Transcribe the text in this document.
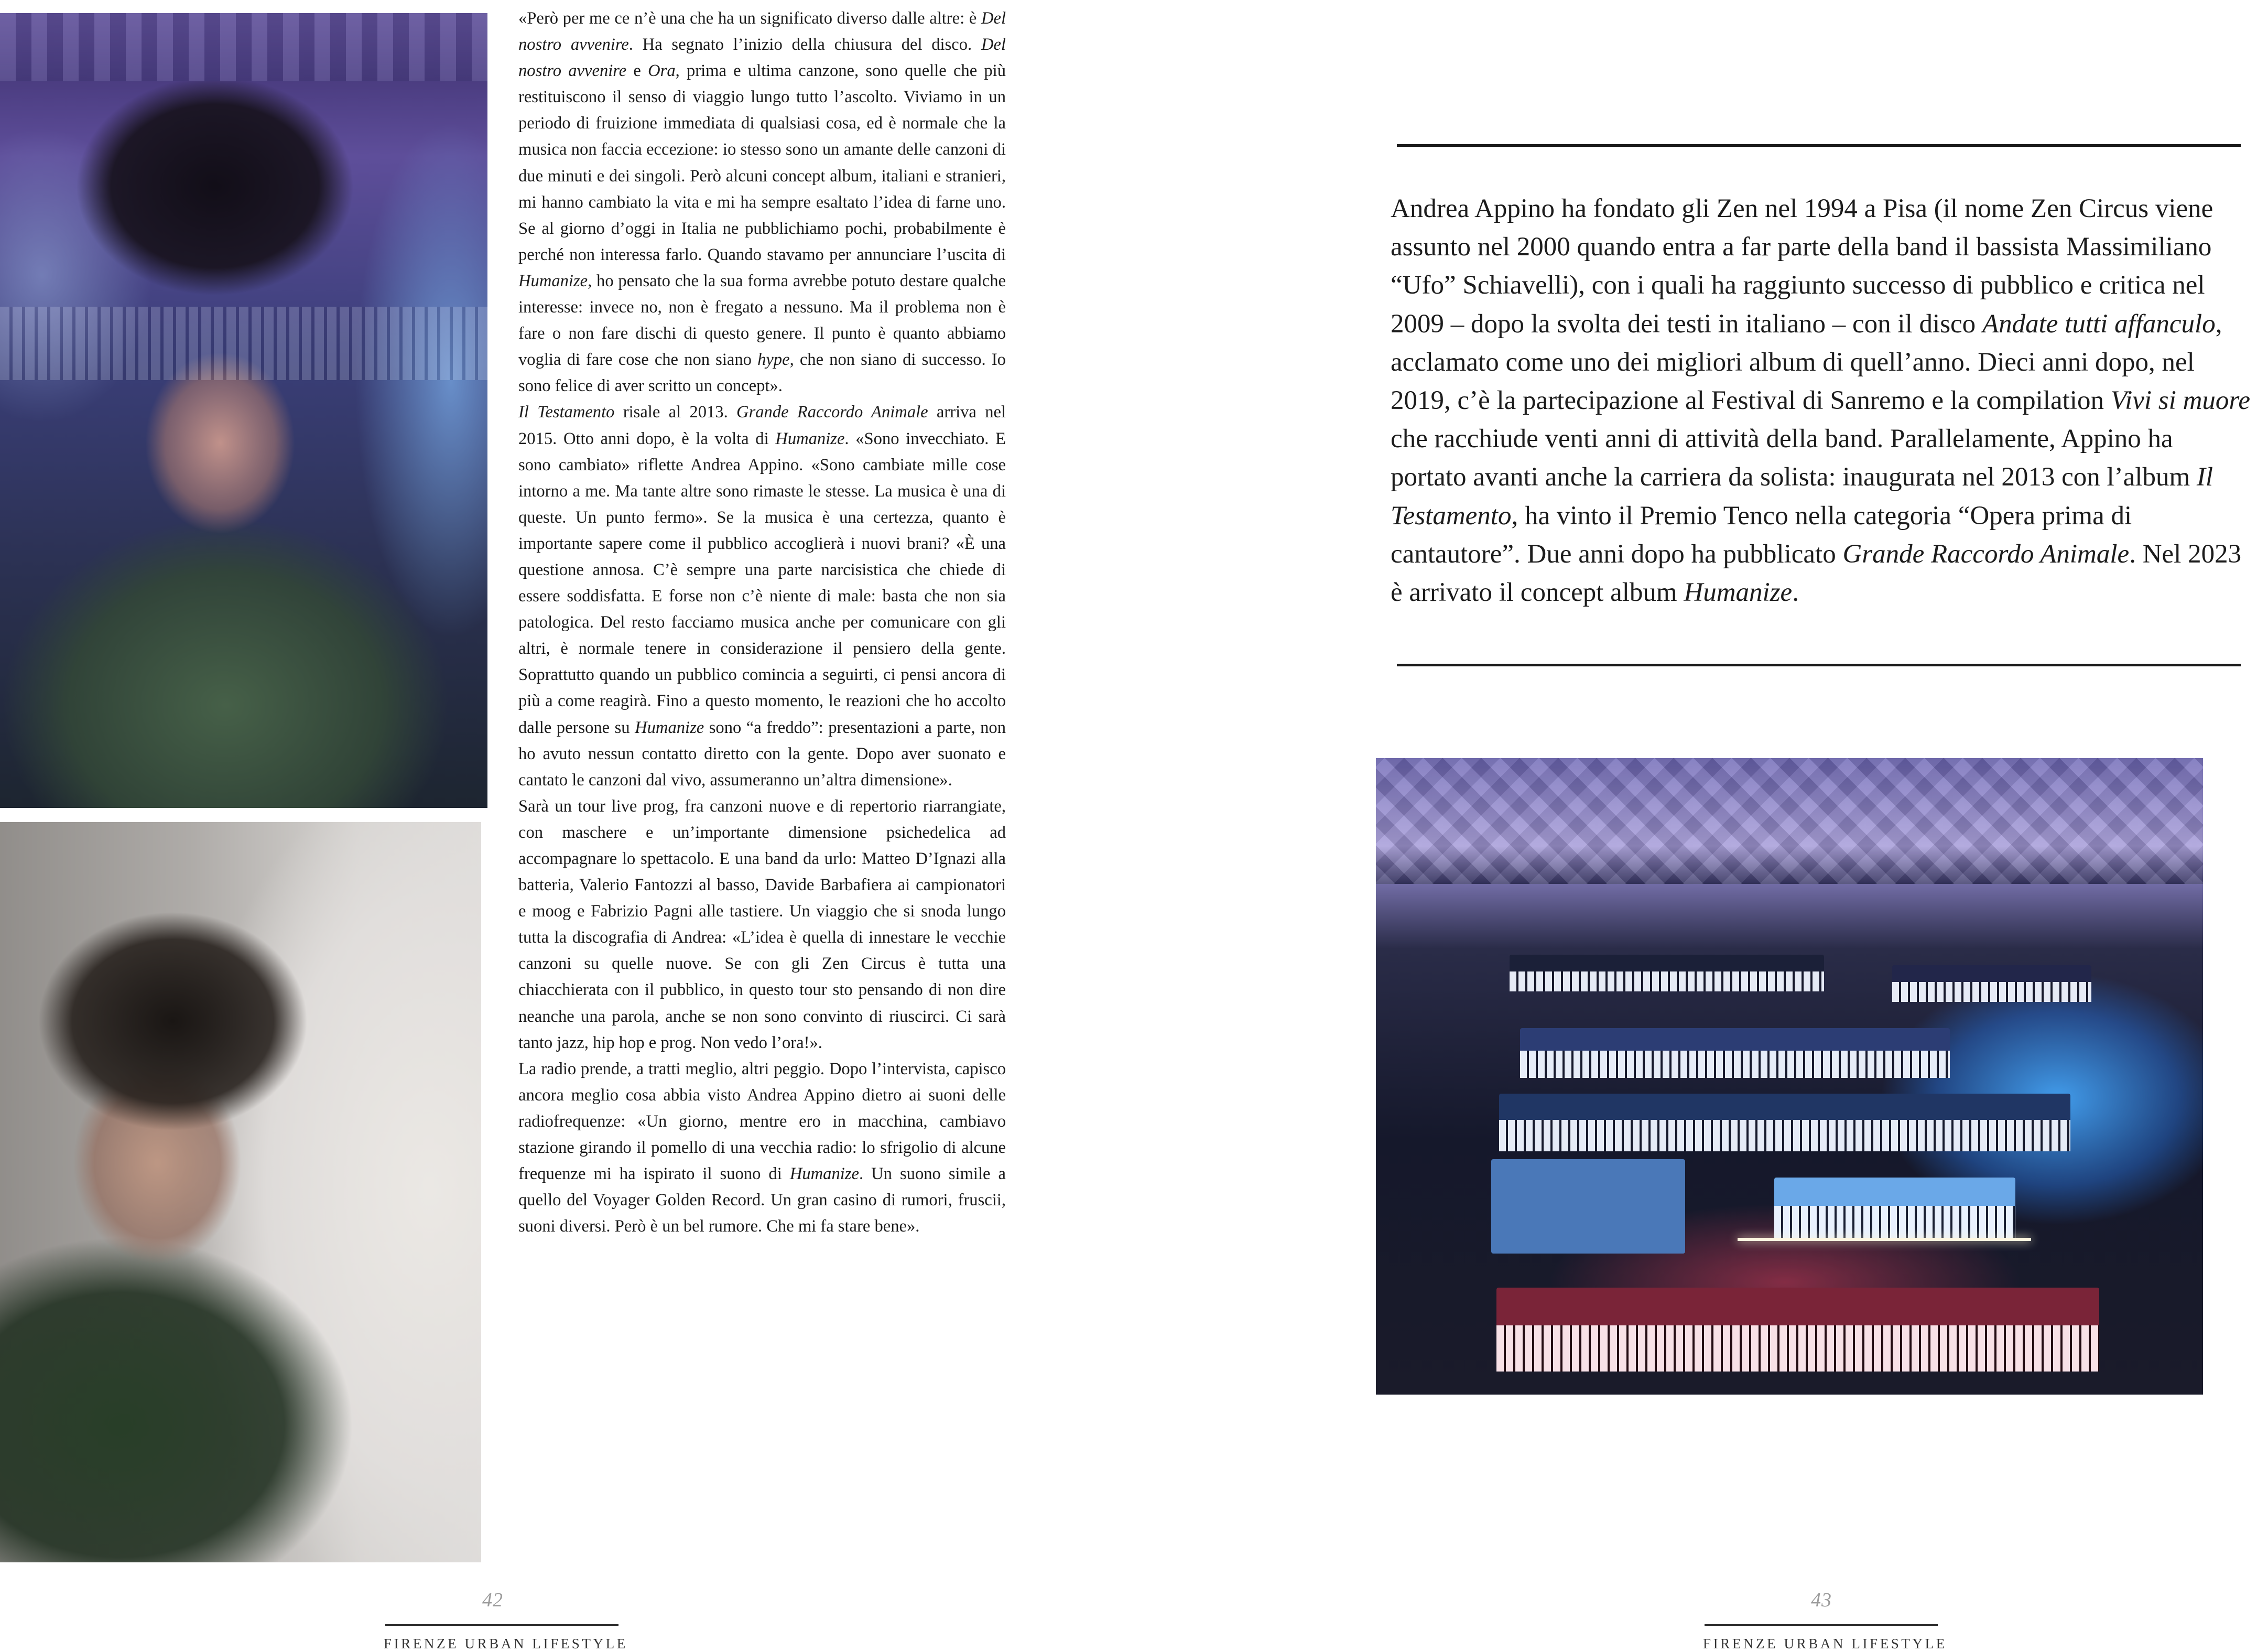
«Però per me ce n’è una che ha un significato diverso dalle altre: è Del nostro avvenire. Ha segnato l’inizio della chiusura del disco. Del nostro avvenire e Ora, prima e ultima canzone, sono quelle che più restituiscono il senso di viaggio lungo tutto l’ascolto. Viviamo in un periodo di fruizione immediata di qualsiasi cosa, ed è normale che la musica non faccia eccezione: io stesso sono un amante delle canzoni di due minuti e dei singoli. Però alcuni concept album, italiani e stranieri, mi hanno cambiato la vita e mi ha sempre esaltato l’idea di farne uno. Se al giorno d’oggi in Italia ne pubblichiamo pochi, probabilmente è perché non interessa farlo. Quando stavamo per annunciare l’uscita di Humanize, ho pensato che la sua forma avrebbe potuto destare qualche interesse: invece no, non è fregato a nessuno. Ma il problema non è fare o non fare dischi di questo genere. Il punto è quanto abbiamo voglia di fare cose che non siano hype, che non siano di successo. Io sono felice di aver scritto un concept».

Il Testamento risale al 2013. Grande Raccordo Animale arriva nel 2015. Otto anni dopo, è la volta di Humanize. «Sono invecchiato. E sono cambiato» riflette Andrea Appino. «Sono cambiate mille cose intorno a me. Ma tante altre sono rimaste le stesse. La musica è una di queste. Un punto fermo». Se la musica è una certezza, quanto è importante sapere come il pubblico accoglierà i nuovi brani? «È una questione annosa. C’è sempre una parte narcisistica che chiede di essere soddisfatta. E forse non c’è niente di male: basta che non sia patologica. Del resto facciamo musica anche per comunicare con gli altri, è normale tenere in considerazione il pensiero della gente. Soprattutto quando un pubblico comincia a seguirti, ci pensi ancora di più a come reagirà. Fino a questo momento, le reazioni che ho accolto dalle persone su Humanize sono “a freddo”: presentazioni a parte, non ho avuto nessun contatto diretto con la gente. Dopo aver suonato e cantato le canzoni dal vivo, assumeranno un’altra dimensione».

Sarà un tour live prog, fra canzoni nuove e di repertorio riarrangiate, con maschere e un’importante dimensione psichedelica ad accompagnare lo spettacolo. E una band da urlo: Matteo D’Ignazi alla batteria, Valerio Fantozzi al basso, Davide Barbafiera ai campionatori e moog e Fabrizio Pagni alle tastiere. Un viaggio che si snoda lungo tutta la discografia di Andrea: «L’idea è quella di innestare le vecchie canzoni su quelle nuove. Se con gli Zen Circus è tutta una chiacchierata con il pubblico, in questo tour sto pensando di non dire neanche una parola, anche se non sono convinto di riuscirci. Ci sarà tanto jazz, hip hop e prog. Non vedo l’ora!».

La radio prende, a tratti meglio, altri peggio. Dopo l’intervista, capisco ancora meglio cosa abbia visto Andrea Appino dietro ai suoni delle radiofrequenze: «Un giorno, mentre ero in macchina, cambiavo stazione girando il pomello di una vecchia radio: lo sfrigolio di alcune frequenze mi ha ispirato il suono di Humanize. Un suono simile a quello del Voyager Golden Record. Un gran casino di rumori, fruscii, suoni diversi. Però è un bel rumore. Che mi fa stare bene».

Andrea Appino ha fondato gli Zen nel 1994 a Pisa (il nome Zen Circus viene assunto nel 2000 quando entra a far parte della band il bassista Massimiliano “Ufo” Schiavelli), con i quali ha raggiunto successo di pubblico e critica nel 2009 – dopo la svolta dei testi in italiano – con il disco Andate tutti affanculo, acclamato come uno dei migliori album di quell’anno. Dieci anni dopo, nel 2019, c’è la partecipazione al Festival di Sanremo e la compilation Vivi si muore che racchiude venti anni di attività della band. Parallelamente, Appino ha portato avanti anche la carriera da solista: inaugurata nel 2013 con l’album Il Testamento, ha vinto il Premio Tenco nella categoria “Opera prima di cantautore”. Due anni dopo ha pubblicato Grande Raccordo Animale. Nel 2023 è arrivato il concept album Humanize.
42
FIRENZE URBAN LIFESTYLE
43
FIRENZE URBAN LIFESTYLE
